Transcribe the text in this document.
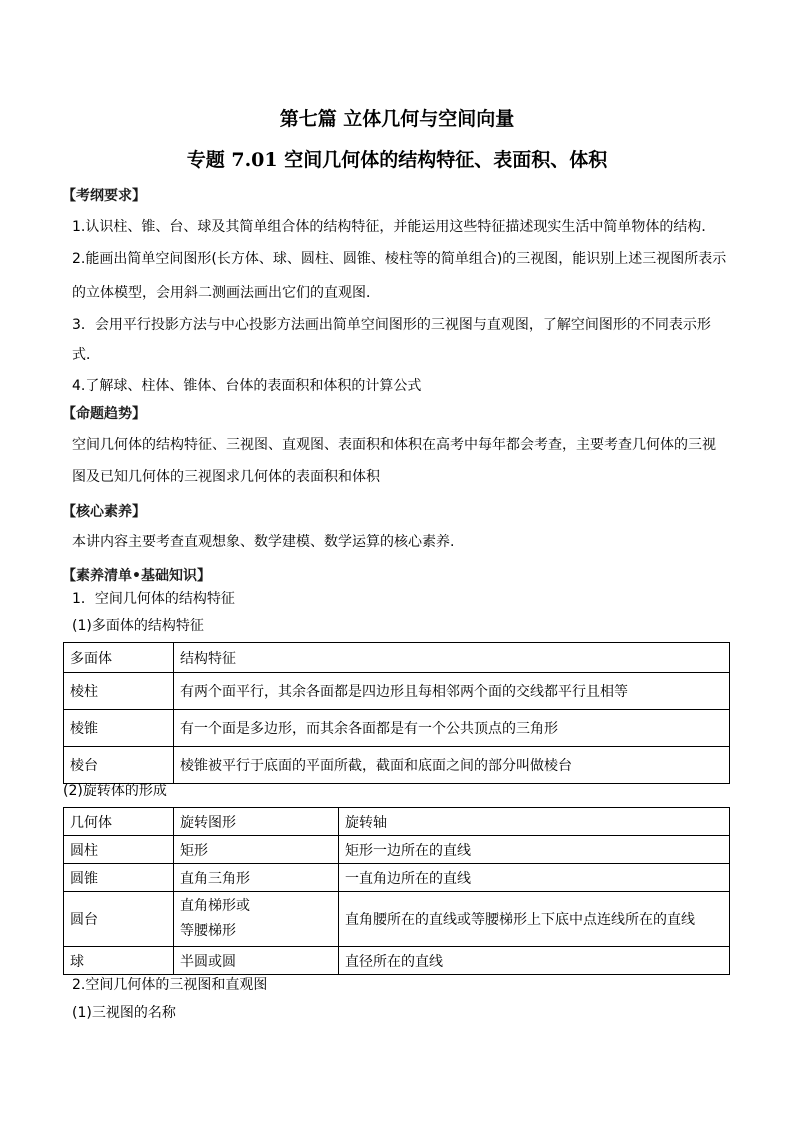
第七篇 立体几何与空间向量
专题 7.01 空间几何体的结构特征、表面积、体积
【考纲要求】
1.认识柱、锥、台、球及其简单组合体的结构特征，并能运用这些特征描述现实生活中简单物体的结构．
2.能画出简单空间图形(长方体、球、圆柱、圆锥、棱柱等的简单组合)的三视图，能识别上述三视图所表示
的立体模型，会用斜二测画法画出它们的直观图．
3．会用平行投影方法与中心投影方法画出简单空间图形的三视图与直观图，了解空间图形的不同表示形
式．
4.了解球、柱体、锥体、台体的表面积和体积的计算公式
【命题趋势】
空间几何体的结构特征、三视图、直观图、表面积和体积在高考中每年都会考查，主要考查几何体的三视
图及已知几何体的三视图求几何体的表面积和体积
【核心素养】
本讲内容主要考查直观想象、数学建模、数学运算的核心素养.
【素养清单•基础知识】
1．空间几何体的结构特征
(1)多面体的结构特征
多面体	结构特征
棱柱	有两个面平行，其余各面都是四边形且每相邻两个面的交线都平行且相等
棱锥	有一个面是多边形，而其余各面都是有一个公共顶点的三角形
棱台	棱锥被平行于底面的平面所截，截面和底面之间的部分叫做棱台
(2)旋转体的形成
几何体	旋转图形	旋转轴
圆柱	矩形	矩形一边所在的直线
圆锥	直角三角形	一直角边所在的直线
圆台	直角梯形或
等腰梯形	直角腰所在的直线或等腰梯形上下底中点连线所在的直线
球	半圆或圆	直径所在的直线
2.空间几何体的三视图和直观图
(1)三视图的名称
